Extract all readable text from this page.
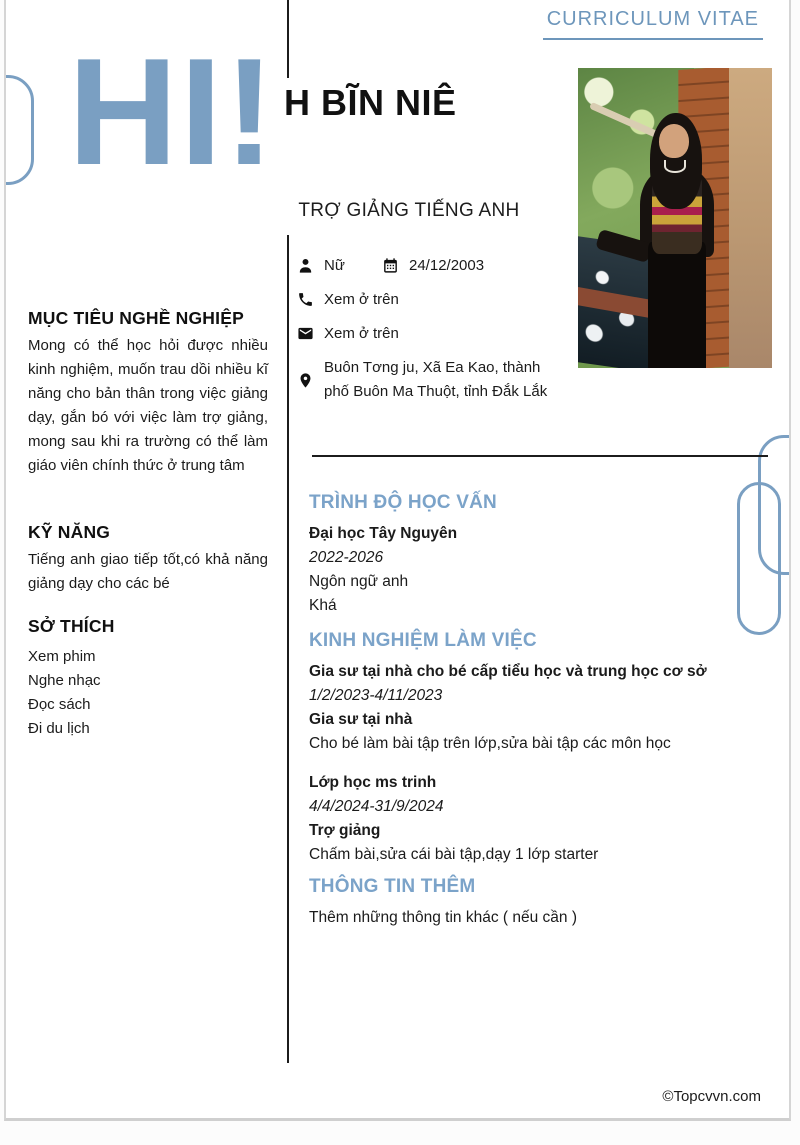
CURRICULUM VITAE
HI! H BĨN NIÊ
TRỢ GIẢNG TIẾNG ANH
Nữ	24/12/2003
Xem ở trên
Xem ở trên
Buôn Tơng ju, Xã Ea Kao, thành phố Buôn Ma Thuột, tỉnh Đắk Lắk
MỤC TIÊU NGHỀ NGHIỆP
Mong có thể học hỏi được nhiều kinh nghiệm, muốn trau dồi nhiều kĩ năng cho bản thân trong việc giảng dạy, gắn bó với việc làm trợ giảng, mong sau khi ra trường có thể làm giáo viên chính thức ở trung tâm
KỸ NĂNG
Tiếng anh giao tiếp tốt,có khả năng giảng dạy cho các bé
SỞ THÍCH
Xem phim
Nghe nhạc
Đọc sách
Đi du lịch
TRÌNH ĐỘ HỌC VẤN
Đại học Tây Nguyên
2022-2026
Ngôn ngữ anh
Khá
KINH NGHIỆM LÀM VIỆC
Gia sư tại nhà cho bé cấp tiểu học và trung học cơ sở
1/2/2023-4/11/2023
Gia sư tại nhà
Cho bé làm bài tập trên lớp,sửa bài tập các môn học
Lớp học ms trinh
4/4/2024-31/9/2024
Trợ giảng
Chấm bài,sửa cái bài tập,dạy 1 lớp starter
THÔNG TIN THÊM
Thêm những thông tin khác ( nếu cần )
©Topcvvn.com
